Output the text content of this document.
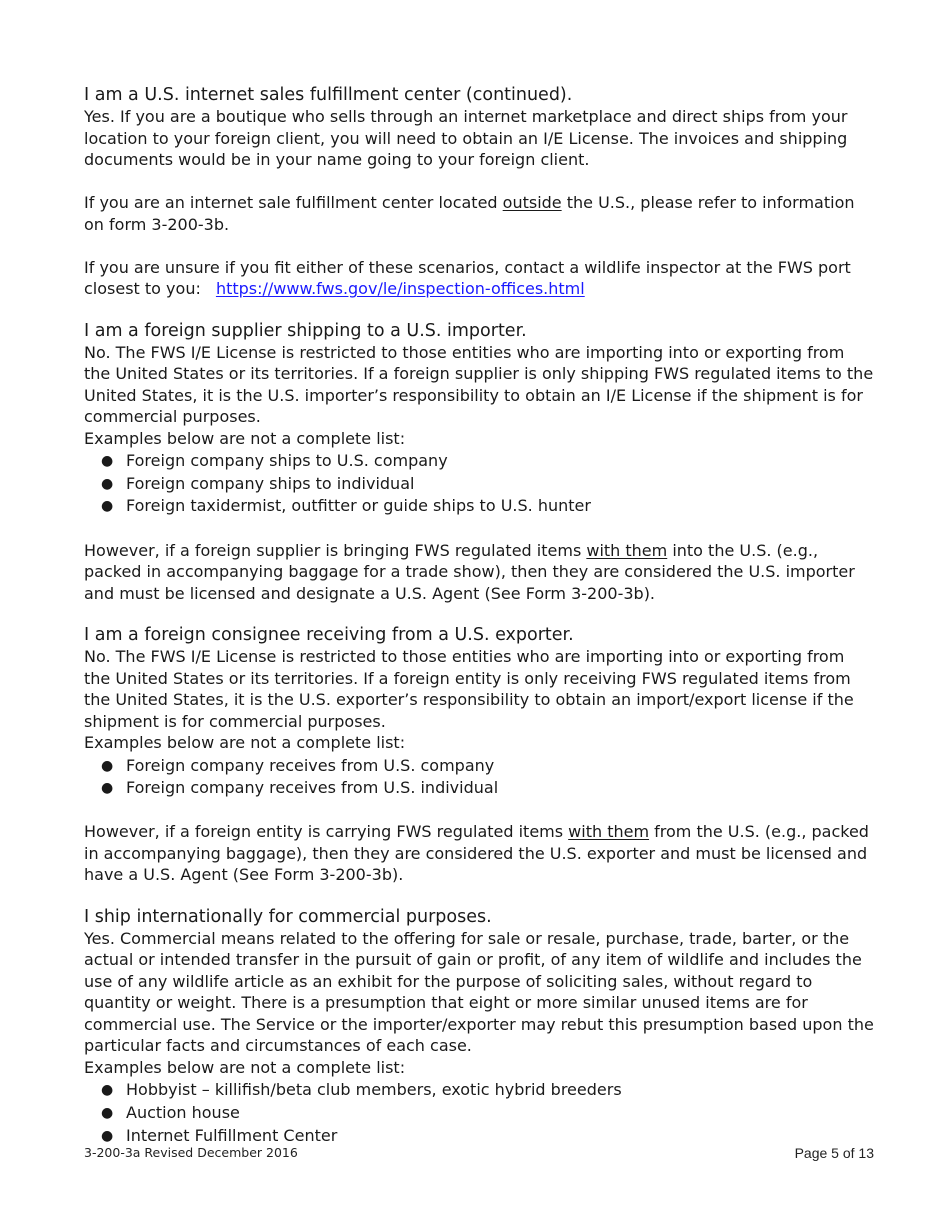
I am a U.S. internet sales fulfillment center (continued).

Yes. If you are a boutique who sells through an internet marketplace and direct ships from your location to your foreign client, you will need to obtain an I/E License. The invoices and shipping documents would be in your name going to your foreign client.

If you are an internet sale fulfillment center located outside the U.S., please refer to information on form 3-200-3b.

If you are unsure if you fit either of these scenarios, contact a wildlife inspector at the FWS port closest to you: https://www.fws.gov/le/inspection-offices.html

I am a foreign supplier shipping to a U.S. importer.

No. The FWS I/E License is restricted to those entities who are importing into or exporting from the United States or its territories. If a foreign supplier is only shipping FWS regulated items to the United States, it is the U.S. importer’s responsibility to obtain an I/E License if the shipment is for commercial purposes.

Examples below are not a complete list:

● Foreign company ships to U.S. company
● Foreign company ships to individual
● Foreign taxidermist, outfitter or guide ships to U.S. hunter

However, if a foreign supplier is bringing FWS regulated items with them into the U.S. (e.g., packed in accompanying baggage for a trade show), then they are considered the U.S. importer and must be licensed and designate a U.S. Agent (See Form 3-200-3b).

I am a foreign consignee receiving from a U.S. exporter.

No. The FWS I/E License is restricted to those entities who are importing into or exporting from the United States or its territories. If a foreign entity is only receiving FWS regulated items from the United States, it is the U.S. exporter’s responsibility to obtain an import/export license if the shipment is for commercial purposes.

Examples below are not a complete list:

● Foreign company receives from U.S. company
● Foreign company receives from U.S. individual

However, if a foreign entity is carrying FWS regulated items with them from the U.S. (e.g., packed in accompanying baggage), then they are considered the U.S. exporter and must be licensed and have a U.S. Agent (See Form 3-200-3b).

I ship internationally for commercial purposes.

Yes. Commercial means related to the offering for sale or resale, purchase, trade, barter, or the actual or intended transfer in the pursuit of gain or profit, of any item of wildlife and includes the use of any wildlife article as an exhibit for the purpose of soliciting sales, without regard to quantity or weight. There is a presumption that eight or more similar unused items are for commercial use. The Service or the importer/exporter may rebut this presumption based upon the particular facts and circumstances of each case.

Examples below are not a complete list:

● Hobbyist – killifish/beta club members, exotic hybrid breeders
● Auction house
● Internet Fulfillment Center
3-200-3a Revised December 2016	Page 5 of 13
